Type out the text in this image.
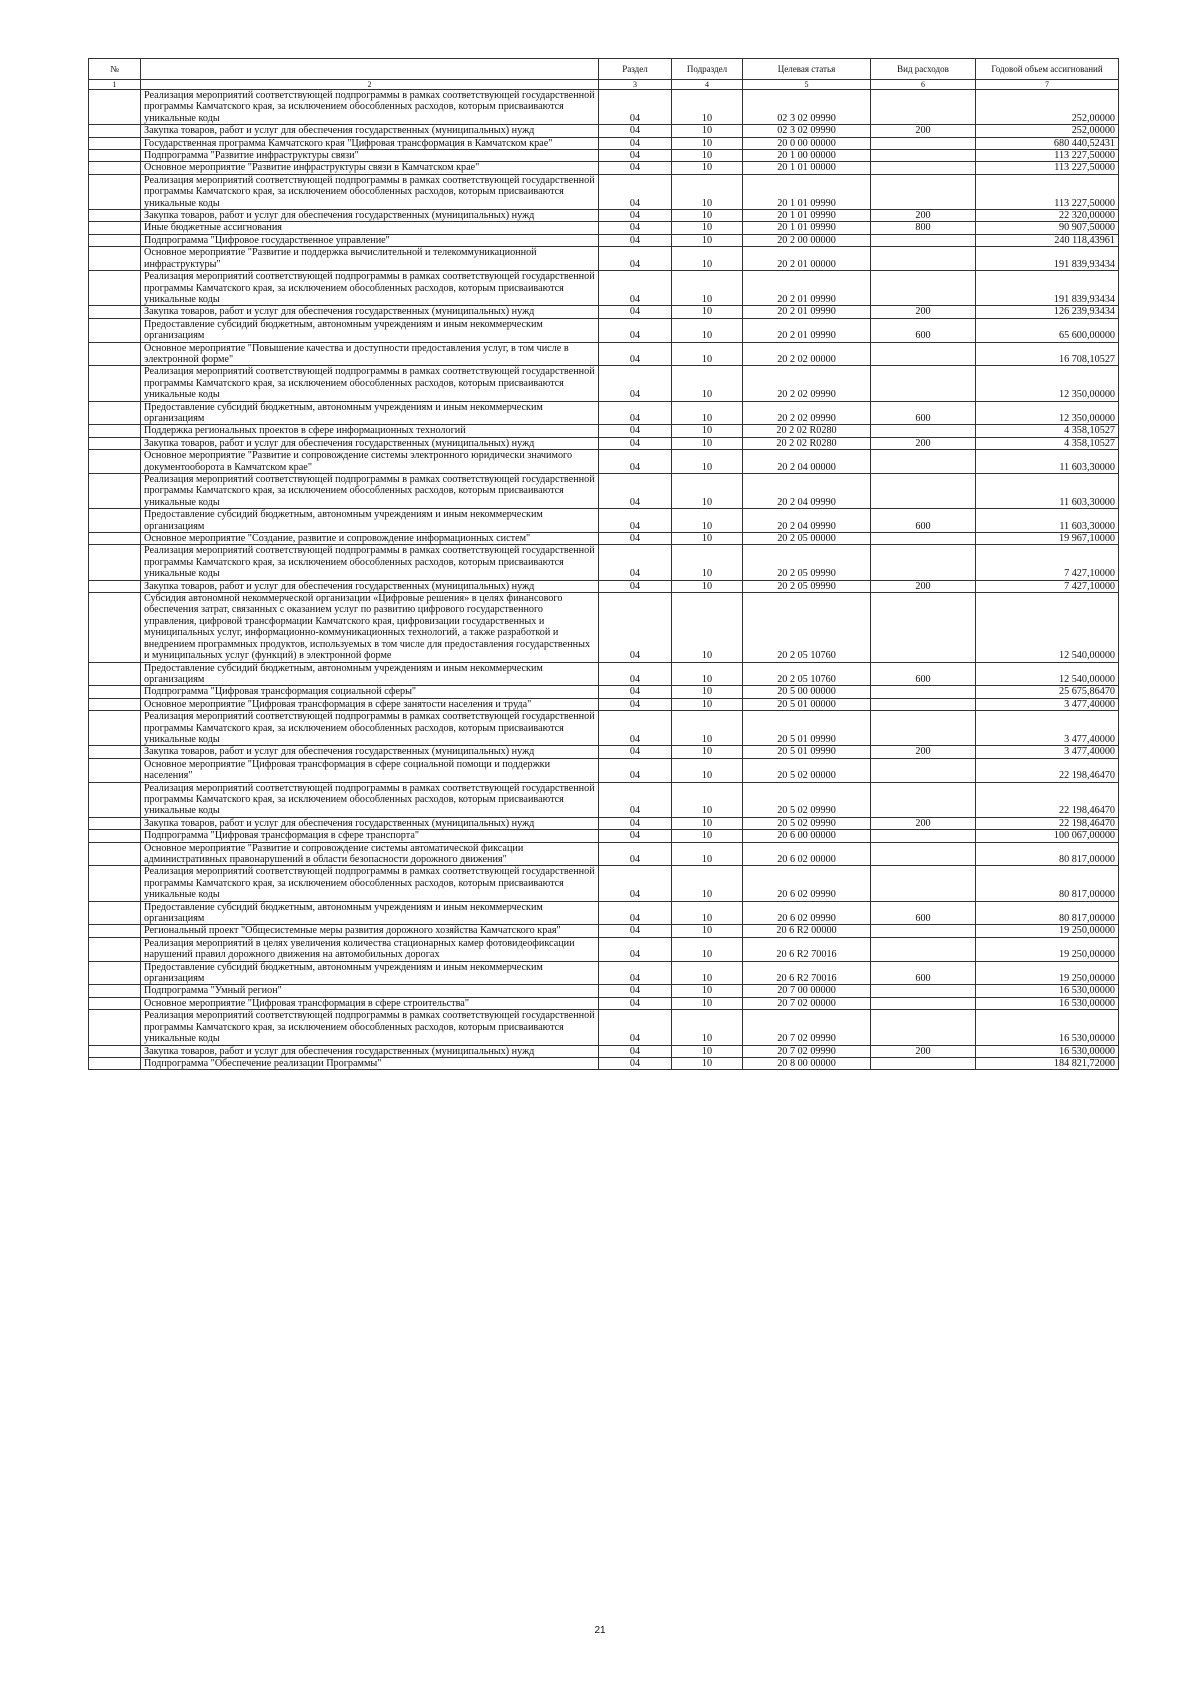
№		Раздел	Подраздел	Целевая статья	Вид расходов	Годовой объем ассигнований
1	2	3	4	5	6	7
	Реализация мероприятий соответствующей подпрограммы в рамках соответствующей государственной программы Камчатского края, за исключением обособленных расходов, которым присваиваются уникальные коды	04	10	02 3 02 09990		252,00000
	Закупка товаров, работ и услуг для обеспечения государственных (муниципальных) нужд	04	10	02 3 02 09990	200	252,00000
	Государственная программа Камчатского края "Цифровая трансформация в Камчатском крае"	04	10	20 0 00 00000		680 440,52431
	Подпрограмма "Развитие инфраструктуры связи"	04	10	20 1 00 00000		113 227,50000
	Основное мероприятие "Развитие инфраструктуры связи в Камчатском крае"	04	10	20 1 01 00000		113 227,50000
	Реализация мероприятий соответствующей подпрограммы в рамках соответствующей государственной программы Камчатского края, за исключением обособленных расходов, которым присваиваются уникальные коды	04	10	20 1 01 09990		113 227,50000
	Закупка товаров, работ и услуг для обеспечения государственных (муниципальных) нужд	04	10	20 1 01 09990	200	22 320,00000
	Иные бюджетные ассигнования	04	10	20 1 01 09990	800	90 907,50000
	Подпрограмма "Цифровое государственное управление"	04	10	20 2 00 00000		240 118,43961
	Основное мероприятие "Развитие и поддержка вычислительной и телекоммуникационной инфраструктуры"	04	10	20 2 01 00000		191 839,93434
	Реализация мероприятий соответствующей подпрограммы в рамках соответствующей государственной программы Камчатского края, за исключением обособленных расходов, которым присваиваются уникальные коды	04	10	20 2 01 09990		191 839,93434
	Закупка товаров, работ и услуг для обеспечения государственных (муниципальных) нужд	04	10	20 2 01 09990	200	126 239,93434
	Предоставление субсидий бюджетным, автономным учреждениям и иным некоммерческим организациям	04	10	20 2 01 09990	600	65 600,00000
	Основное мероприятие "Повышение качества и доступности предоставления услуг, в том числе в электронной форме"	04	10	20 2 02 00000		16 708,10527
	Реализация мероприятий соответствующей подпрограммы в рамках соответствующей государственной программы Камчатского края, за исключением обособленных расходов, которым присваиваются уникальные коды	04	10	20 2 02 09990		12 350,00000
	Предоставление субсидий бюджетным, автономным учреждениям и иным некоммерческим организациям	04	10	20 2 02 09990	600	12 350,00000
	Поддержка региональных проектов в сфере информационных технологий	04	10	20 2 02 R0280		4 358,10527
	Закупка товаров, работ и услуг для обеспечения государственных (муниципальных) нужд	04	10	20 2 02 R0280	200	4 358,10527
	Основное мероприятие "Развитие и сопровождение системы электронного юридически значимого документооборота в Камчатском крае"	04	10	20 2 04 00000		11 603,30000
	Реализация мероприятий соответствующей подпрограммы в рамках соответствующей государственной программы Камчатского края, за исключением обособленных расходов, которым присваиваются уникальные коды	04	10	20 2 04 09990		11 603,30000
	Предоставление субсидий бюджетным, автономным учреждениям и иным некоммерческим организациям	04	10	20 2 04 09990	600	11 603,30000
	Основное мероприятие "Создание, развитие и сопровождение информационных систем"	04	10	20 2 05 00000		19 967,10000
	Реализация мероприятий соответствующей подпрограммы в рамках соответствующей государственной программы Камчатского края, за исключением обособленных расходов, которым присваиваются уникальные коды	04	10	20 2 05 09990		7 427,10000
	Закупка товаров, работ и услуг для обеспечения государственных (муниципальных) нужд	04	10	20 2 05 09990	200	7 427,10000
	Субсидия автономной некоммерческой организации «Цифровые решения» в целях финансового обеспечения затрат, связанных с оказанием услуг по развитию цифрового государственного управления, цифровой трансформации Камчатского края, цифровизации государственных и муниципальных услуг, информационно-коммуникационных технологий, а также разработкой и внедрением программных продуктов, используемых в том числе для предоставления государственных и муниципальных услуг (функций) в электронной форме	04	10	20 2 05 10760		12 540,00000
	Предоставление субсидий бюджетным, автономным учреждениям и иным некоммерческим организациям	04	10	20 2 05 10760	600	12 540,00000
	Подпрограмма "Цифровая трансформация социальной сферы"	04	10	20 5 00 00000		25 675,86470
	Основное мероприятие "Цифровая трансформация в сфере занятости населения и труда"	04	10	20 5 01 00000		3 477,40000
	Реализация мероприятий соответствующей подпрограммы в рамках соответствующей государственной программы Камчатского края, за исключением обособленных расходов, которым присваиваются уникальные коды	04	10	20 5 01 09990		3 477,40000
	Закупка товаров, работ и услуг для обеспечения государственных (муниципальных) нужд	04	10	20 5 01 09990	200	3 477,40000
	Основное мероприятие "Цифровая трансформация в сфере социальной помощи и поддержки населения"	04	10	20 5 02 00000		22 198,46470
	Реализация мероприятий соответствующей подпрограммы в рамках соответствующей государственной программы Камчатского края, за исключением обособленных расходов, которым присваиваются уникальные коды	04	10	20 5 02 09990		22 198,46470
	Закупка товаров, работ и услуг для обеспечения государственных (муниципальных) нужд	04	10	20 5 02 09990	200	22 198,46470
	Подпрограмма "Цифровая трансформация в сфере транспорта"	04	10	20 6 00 00000		100 067,00000
	Основное мероприятие "Развитие и сопровождение системы автоматической фиксации административных правонарушений в области безопасности дорожного движения"	04	10	20 6 02 00000		80 817,00000
	Реализация мероприятий соответствующей подпрограммы в рамках соответствующей государственной программы Камчатского края, за исключением обособленных расходов, которым присваиваются уникальные коды	04	10	20 6 02 09990		80 817,00000
	Предоставление субсидий бюджетным, автономным учреждениям и иным некоммерческим организациям	04	10	20 6 02 09990	600	80 817,00000
	Региональный проект "Общесистемные меры развития дорожного хозяйства Камчатского края"	04	10	20 6 R2 00000		19 250,00000
	Реализация мероприятий в целях увеличения количества стационарных камер фотовидеофиксации нарушений правил дорожного движения на автомобильных дорогах	04	10	20 6 R2 70016		19 250,00000
	Предоставление субсидий бюджетным, автономным учреждениям и иным некоммерческим организациям	04	10	20 6 R2 70016	600	19 250,00000
	Подпрограмма "Умный регион"	04	10	20 7 00 00000		16 530,00000
	Основное мероприятие "Цифровая трансформация в сфере строительства"	04	10	20 7 02 00000		16 530,00000
	Реализация мероприятий соответствующей подпрограммы в рамках соответствующей государственной программы Камчатского края, за исключением обособленных расходов, которым присваиваются уникальные коды	04	10	20 7 02 09990		16 530,00000
	Закупка товаров, работ и услуг для обеспечения государственных (муниципальных) нужд	04	10	20 7 02 09990	200	16 530,00000
	Подпрограмма "Обеспечение реализации Программы"	04	10	20 8 00 00000		184 821,72000
21
